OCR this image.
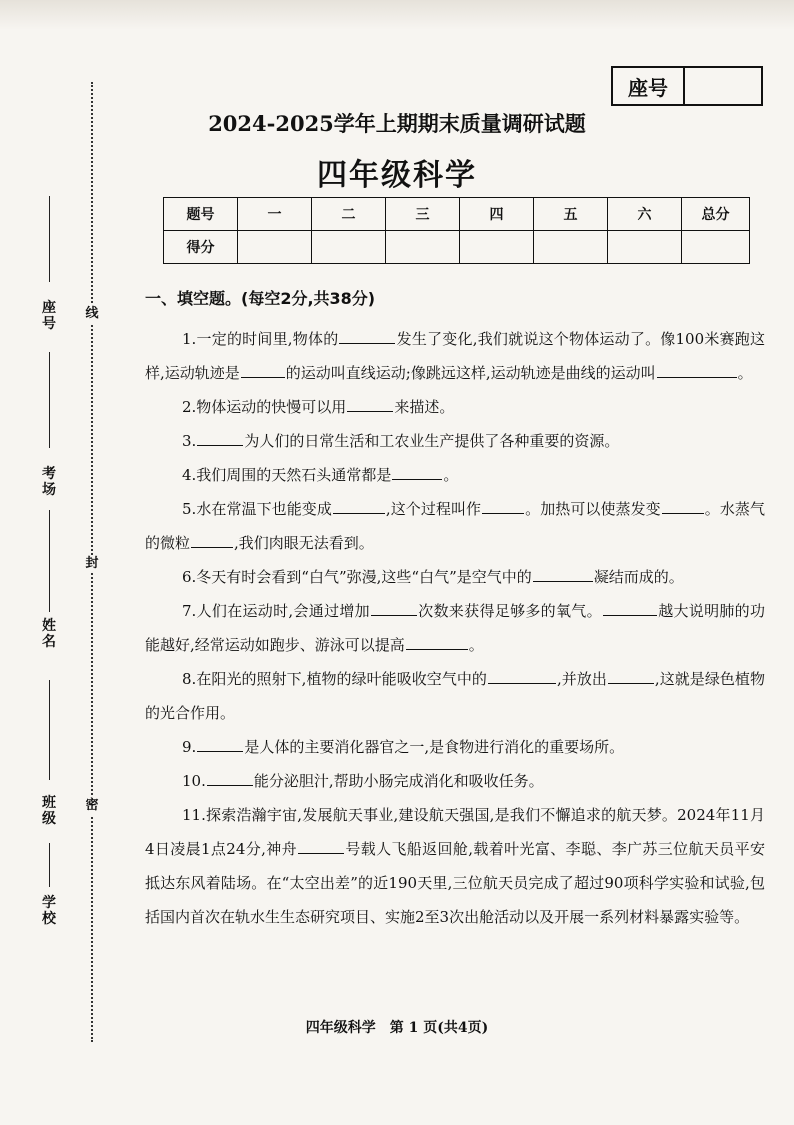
线
封
密
座号
考场
姓名
班级
学校
座号
2024-2025学年上期期末质量调研试题
四年级科学
题号	一	二	三	四	五	六	总分
得分							
一、填空题。(每空2分,共38分)

1.一定的时间里,物体的	发生了变化,我们就说这个物体运动了。像100米赛跑这样,运动轨迹是	的运动叫直线运动;像跳远这样,运动轨迹是曲线的运动叫	。

2.物体运动的快慢可以用	来描述。

3.	为人们的日常生活和工农业生产提供了各种重要的资源。

4.我们周围的天然石头通常都是	。

5.水在常温下也能变成	,这个过程叫作	。加热可以使蒸发变	。水蒸气的微粒	,我们肉眼无法看到。

6.冬天有时会看到“白气”弥漫,这些“白气”是空气中的	凝结而成的。

7.人们在运动时,会通过增加	次数来获得足够多的氧气。	越大说明肺的功能越好,经常运动如跑步、游泳可以提高	。

8.在阳光的照射下,植物的绿叶能吸收空气中的	,并放出	,这就是绿色植物的光合作用。

9.	是人体的主要消化器官之一,是食物进行消化的重要场所。

10.	能分泌胆汁,帮助小肠完成消化和吸收任务。

11.探索浩瀚宇宙,发展航天事业,建设航天强国,是我们不懈追求的航天梦。2024年11月4日凌晨1点24分,神舟	号载人飞船返回舱,载着叶光富、李聪、李广苏三位航天员平安抵达东风着陆场。在“太空出差”的近190天里,三位航天员完成了超过90项科学实验和试验,包括国内首次在轨水生生态研究项目、实施2至3次出舱活动以及开展一系列材料暴露实验等。

四年级科学　第 1 页(共4页)
